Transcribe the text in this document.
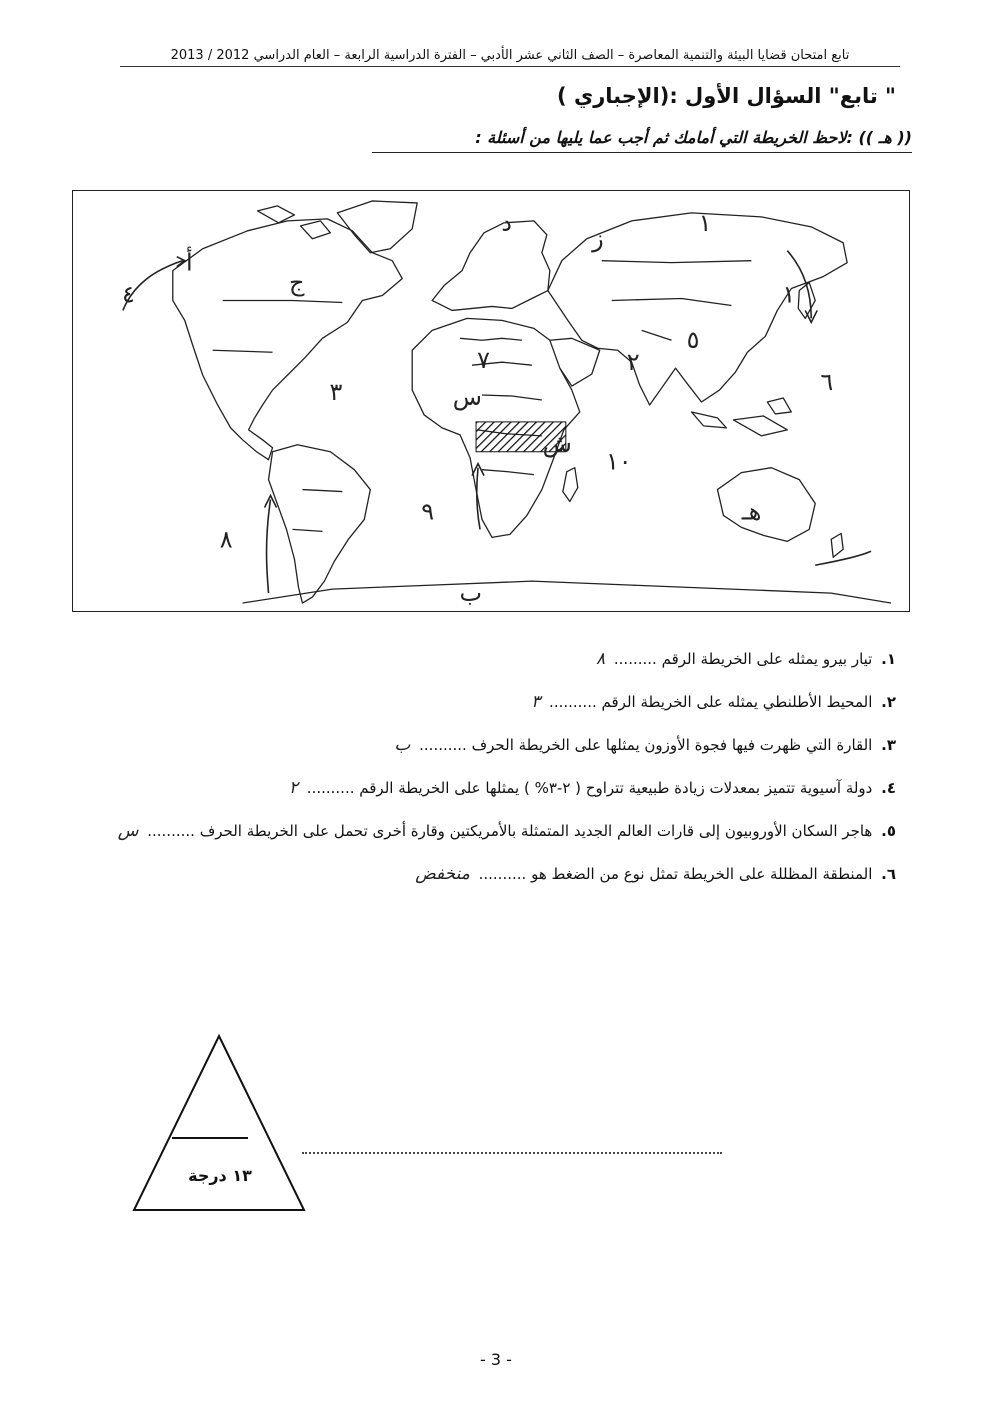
تابع امتحان قضايا البيئة والتنمية المعاصرة – الصف الثاني عشر الأدبي – الفترة الدراسية الرابعة – العام الدراسي 2012 / 2013
" تابع" السؤال الأول :(الإجباري )
(( هـ )) :لاحظ الخريطة التي أمامك ثم أجب عما يليها من أسئلة :
٤
٣
٨
٩
١٠
٧	٢
٥
٦
١
١
أ
ب
ج
د
هـ
س
ش
ز
١. تيار بيرو يمثله على الخريطة الرقم ......... ٨
٢. المحيط الأطلنطي يمثله على الخريطة الرقم .......... ٣
٣. القارة التي ظهرت فيها فجوة الأوزون يمثلها على الخريطة الحرف .......... ب
٤. دولة آسيوية تتميز بمعدلات زيادة طبيعية تتراوح ( ٢-٣% ) يمثلها على الخريطة الرقم .......... ٢
٥. هاجر السكان الأوروبيون إلى قارات العالم الجديد المتمثلة بالأمريكتين وقارة أخرى تحمل على الخريطة الحرف .......... س
٦. المنطقة المظللة على الخريطة تمثل نوع من الضغط هو .......... منخفض
١٣ درجة
- 3 -
